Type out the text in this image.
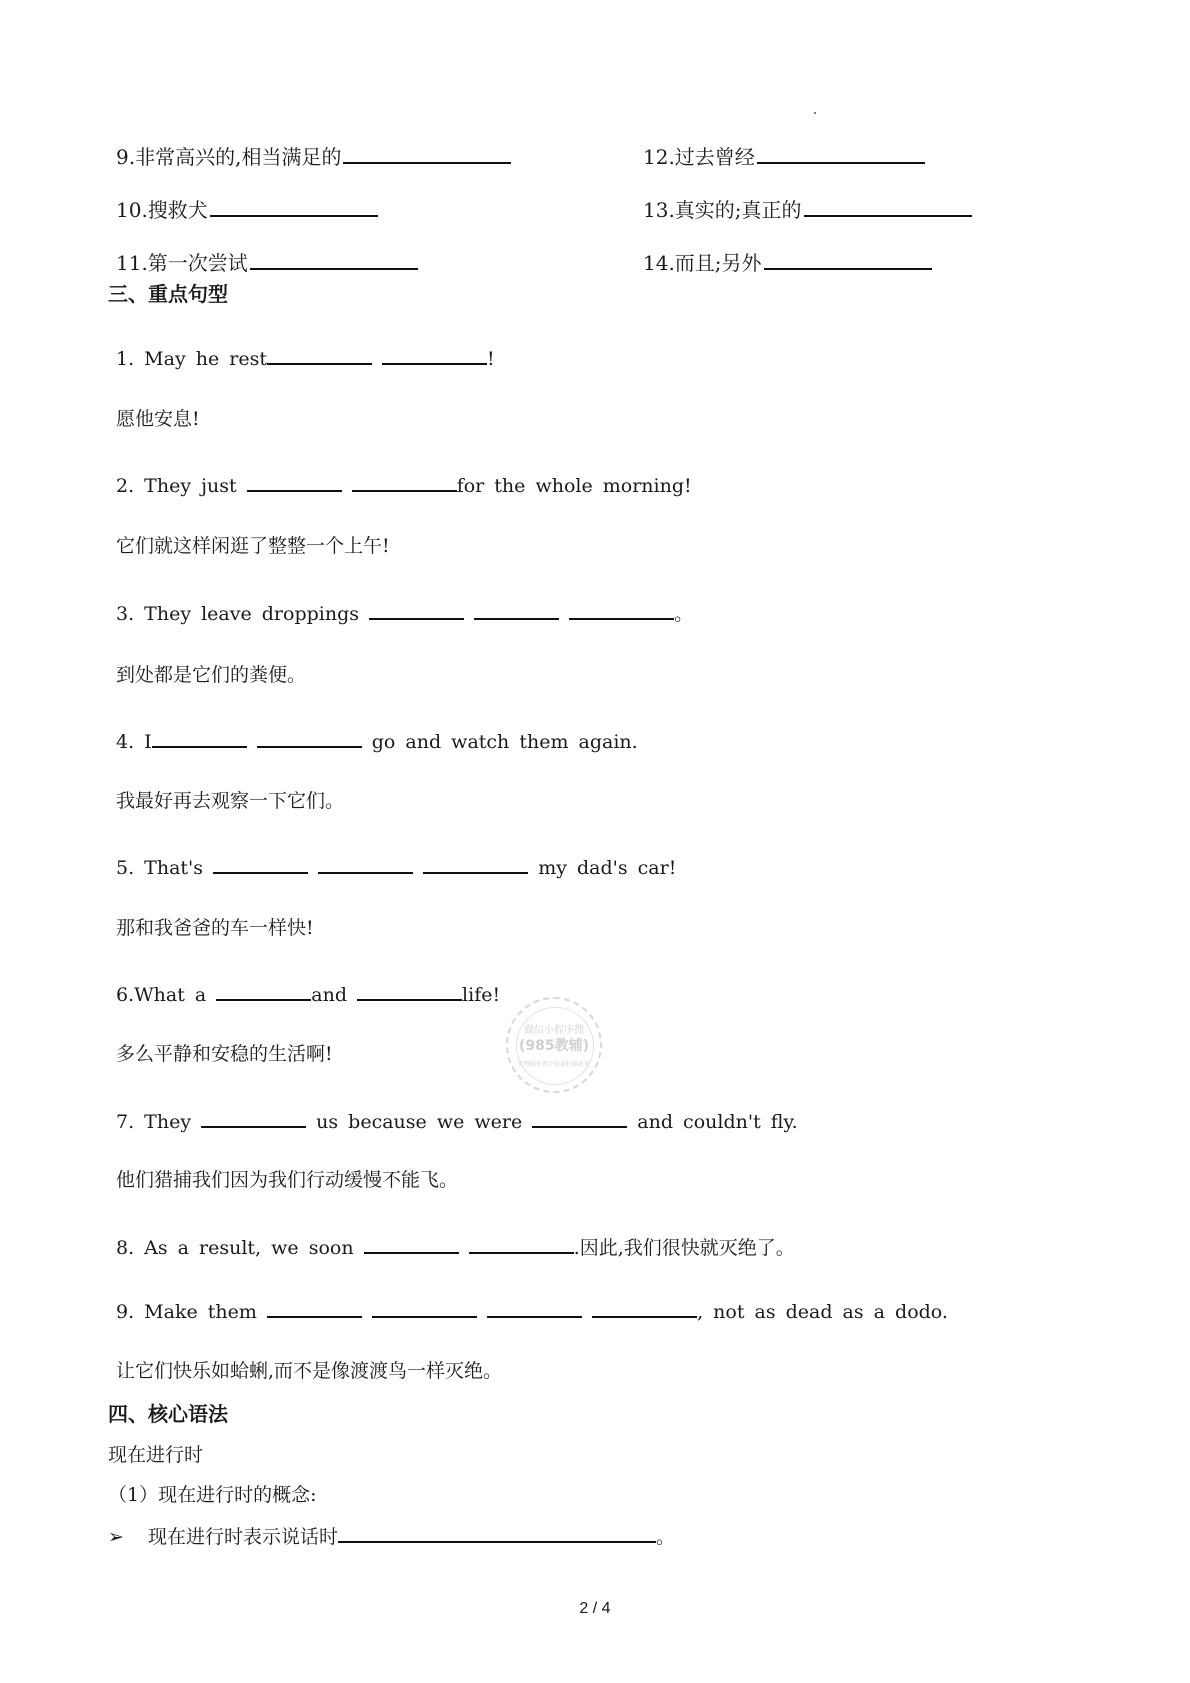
9.非常高兴的,相当满足的
10.搜救犬
11.第一次尝试
12.过去曾经
13.真实的;真正的
14.而且;另外
三、重点句型
1. May he rest	!
愿他安息!
2. They just	for the whole morning!
它们就这样闲逛了整整一个上午!
3. They leave droppings	。
到处都是它们的粪便。
4. I	go and watch them again.
我最好再去观察一下它们。
5. That's	my dad's car!
那和我爸爸的车一样快!
6.What a	and	life!
多么平静和安稳的生活啊!
7. They	us because we were	and couldn't fly.
他们猎捕我们因为我们行动缓慢不能飞。
8. As a result, we soon	.因此,我们很快就灭绝了。
9. Make them	, not as dead as a dodo.
让它们快乐如蛤蜊,而不是像渡渡鸟一样灭绝。
四、核心语法
现在进行时
（1）现在进行时的概念:
➢ 现在进行时表示说话时	。
微信小程序搜
(985教辅)
完整版免费下载请扫描此处
2 / 4
